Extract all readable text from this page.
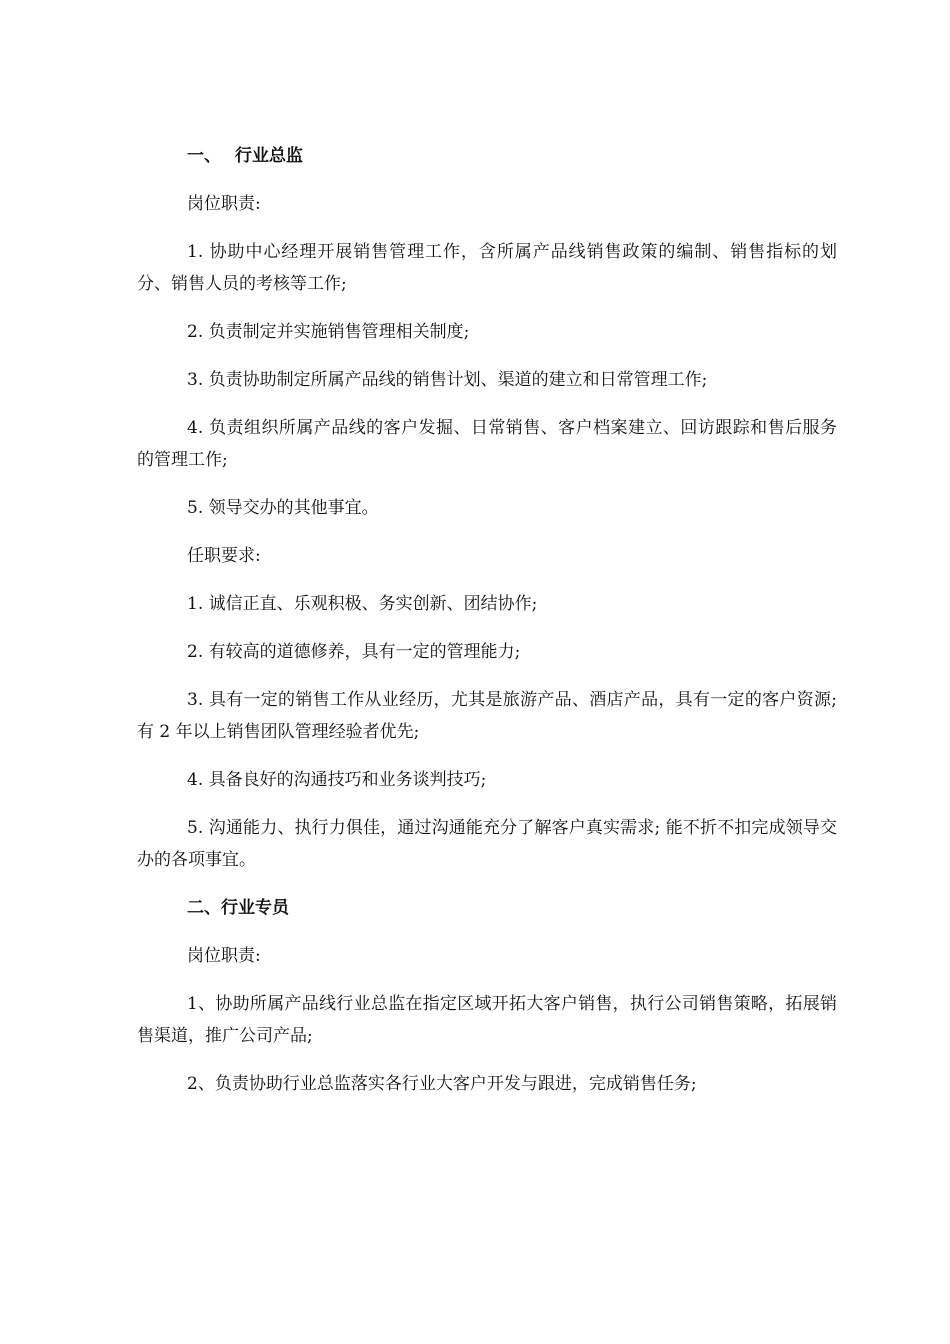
一、 行业总监
岗位职责:
1. 协助中心经理开展销售管理工作，含所属产品线销售政策的编制、销售指标的划分、销售人员的考核等工作;
2. 负责制定并实施销售管理相关制度;
3. 负责协助制定所属产品线的销售计划、渠道的建立和日常管理工作;
4. 负责组织所属产品线的客户发掘、日常销售、客户档案建立、回访跟踪和售后服务的管理工作;
5. 领导交办的其他事宜。
任职要求:
1. 诚信正直、乐观积极、务实创新、团结协作;
2. 有较高的道德修养，具有一定的管理能力;
3. 具有一定的销售工作从业经历，尤其是旅游产品、酒店产品，具有一定的客户资源; 有 2 年以上销售团队管理经验者优先;
4. 具备良好的沟通技巧和业务谈判技巧;
5. 沟通能力、执行力俱佳，通过沟通能充分了解客户真实需求; 能不折不扣完成领导交办的各项事宜。
二、行业专员
岗位职责:
1、协助所属产品线行业总监在指定区域开拓大客户销售，执行公司销售策略，拓展销售渠道，推广公司产品;
2、负责协助行业总监落实各行业大客户开发与跟进，完成销售任务;
